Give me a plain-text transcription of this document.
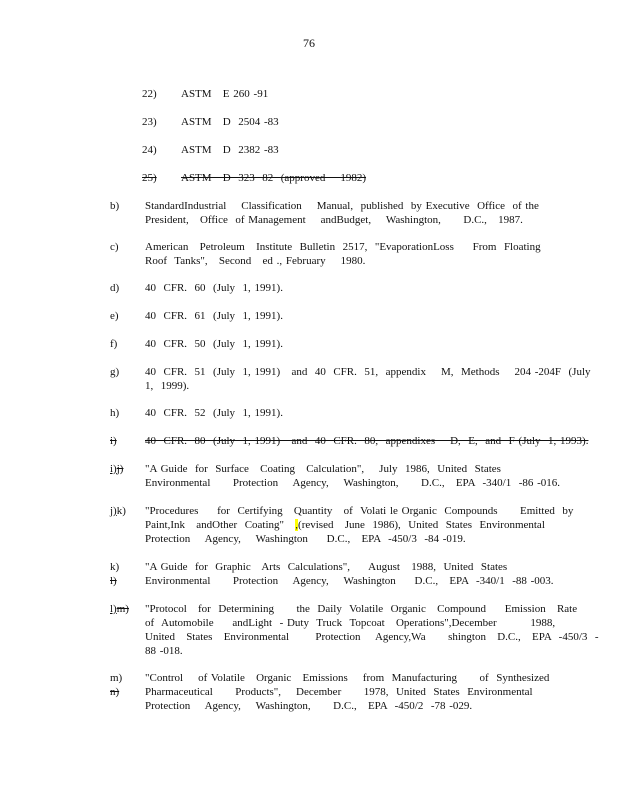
76
22) ASTM   E 260 -91
23) ASTM   D  2504 -83
24) ASTM   D  2382 -83
25) ASTM   D  323  82  (approved    1982)
b) StandardIndustrial    Classification    Manual,  published  by Executive  Office  of the
President,   Office  of Management    andBudget,    Washington,      D.C.,   1987.
c) American   Petroleum   Institute  Bulletin  2517,  "EvaporationLoss     From  Floating
Roof  Tanks",   Second   ed ., February    1980.
d) 40  CFR.  60  (July  1, 1991).
e) 40  CFR.  61  (July  1, 1991).
f)	40  CFR.  50  (July  1, 1991).
g) 40  CFR.  51  (July  1, 1991)   and  40  CFR.  51,  appendix    M,  Methods    204 -204F  (July
1,  1999).
h) 40  CFR.  52  (July  1, 1991).
i)	40  CFR.  80  (July  1, 1991)   and  40  CFR.  80,  appendixes    D,  E,  and  F (July  1, 1993).
i)j) "A Guide  for  Surface   Coating   Calculation",    July  1986,  United  States
Environmental      Protection    Agency,    Washington,      D.C.,   EPA  -340/1  -86 -016.
j)k) "Procedures     for  Certifying   Quantity   of  Volati le Organic  Compounds      Emitted  by
Paint,Ink   andOther  Coating"   ,(revised   June  1986),  United  States  Environmental
Protection    Agency,    Washington     D.C.,   EPA  -450/3  -84 -019.
k) l)
"A Guide  for  Graphic   Arts  Calculations",     August   1988,  United  States
Environmental      Protection    Agency,    Washington     D.C.,   EPA  -340/1  -88 -003.
l)m) "Protocol   for  Determining      the  Daily  Volatile  Organic   Compound     Emission   Rate
of  Automobile     andLight  - Duty  Truck  Topcoat   Operations",December         1988,
United   States   Environmental       Protection    Agency,Wa      shington   D.C.,   EPA  -450/3  -
88 -018.
m) n)
"Control    of Volatile   Organic   Emissions    from  Manufacturing      of  Synthesized
Pharmaceutical      Products",    December      1978,  United  States  Environmental
Protection    Agency,    Washington,      D.C.,   EPA  -450/2  -78 -029.
